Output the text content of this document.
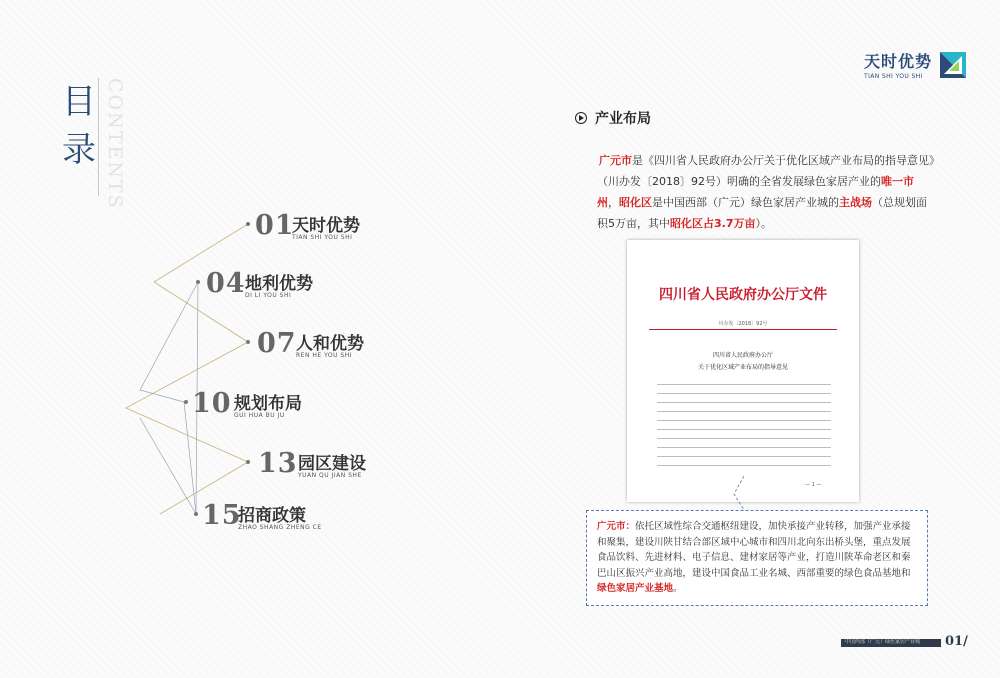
目
录 CONTENTS
01
天时优势
TIAN SHI YOU SHI
04 地利优势
DI LI YOU SHI
07 人和优势
REN HE YOU SHI
10 规划布局
GUI HUA BU JU
13 园区建设
YUAN QU JIAN SHE
15
招商政策
ZHAO SHANG ZHENG CE
天时优势
TIAN SHI YOU SHI
产业布局
广元市是《四川省人民政府办公厅关于优化区域产业布局的指导意见》（川办发〔2018〕92号）明确的全省发展绿色家居产业的唯一市州，昭化区是中国西部（广元）绿色家居产业城的主战场（总规划面积5万亩，其中昭化区占3.7万亩）。
四川省人民政府办公厅文件
川办发〔2018〕92号
四川省人民政府办公厅
关于优化区域产业布局的指导意见
— 1 —

广元市：依托区域性综合交通枢纽建设，加快承接产业转移，加强产业承接和聚集，建设川陕甘结合部区域中心城市和四川北向东出桥头堡，重点发展食品饮料、先进材料、电子信息、建材家居等产业，打造川陕革命老区和秦巴山区振兴产业高地，建设中国食品工业名城、西部重要的绿色食品基地和绿色家居产业基地。

中国西部（广元）绿色家居产业城 01/
